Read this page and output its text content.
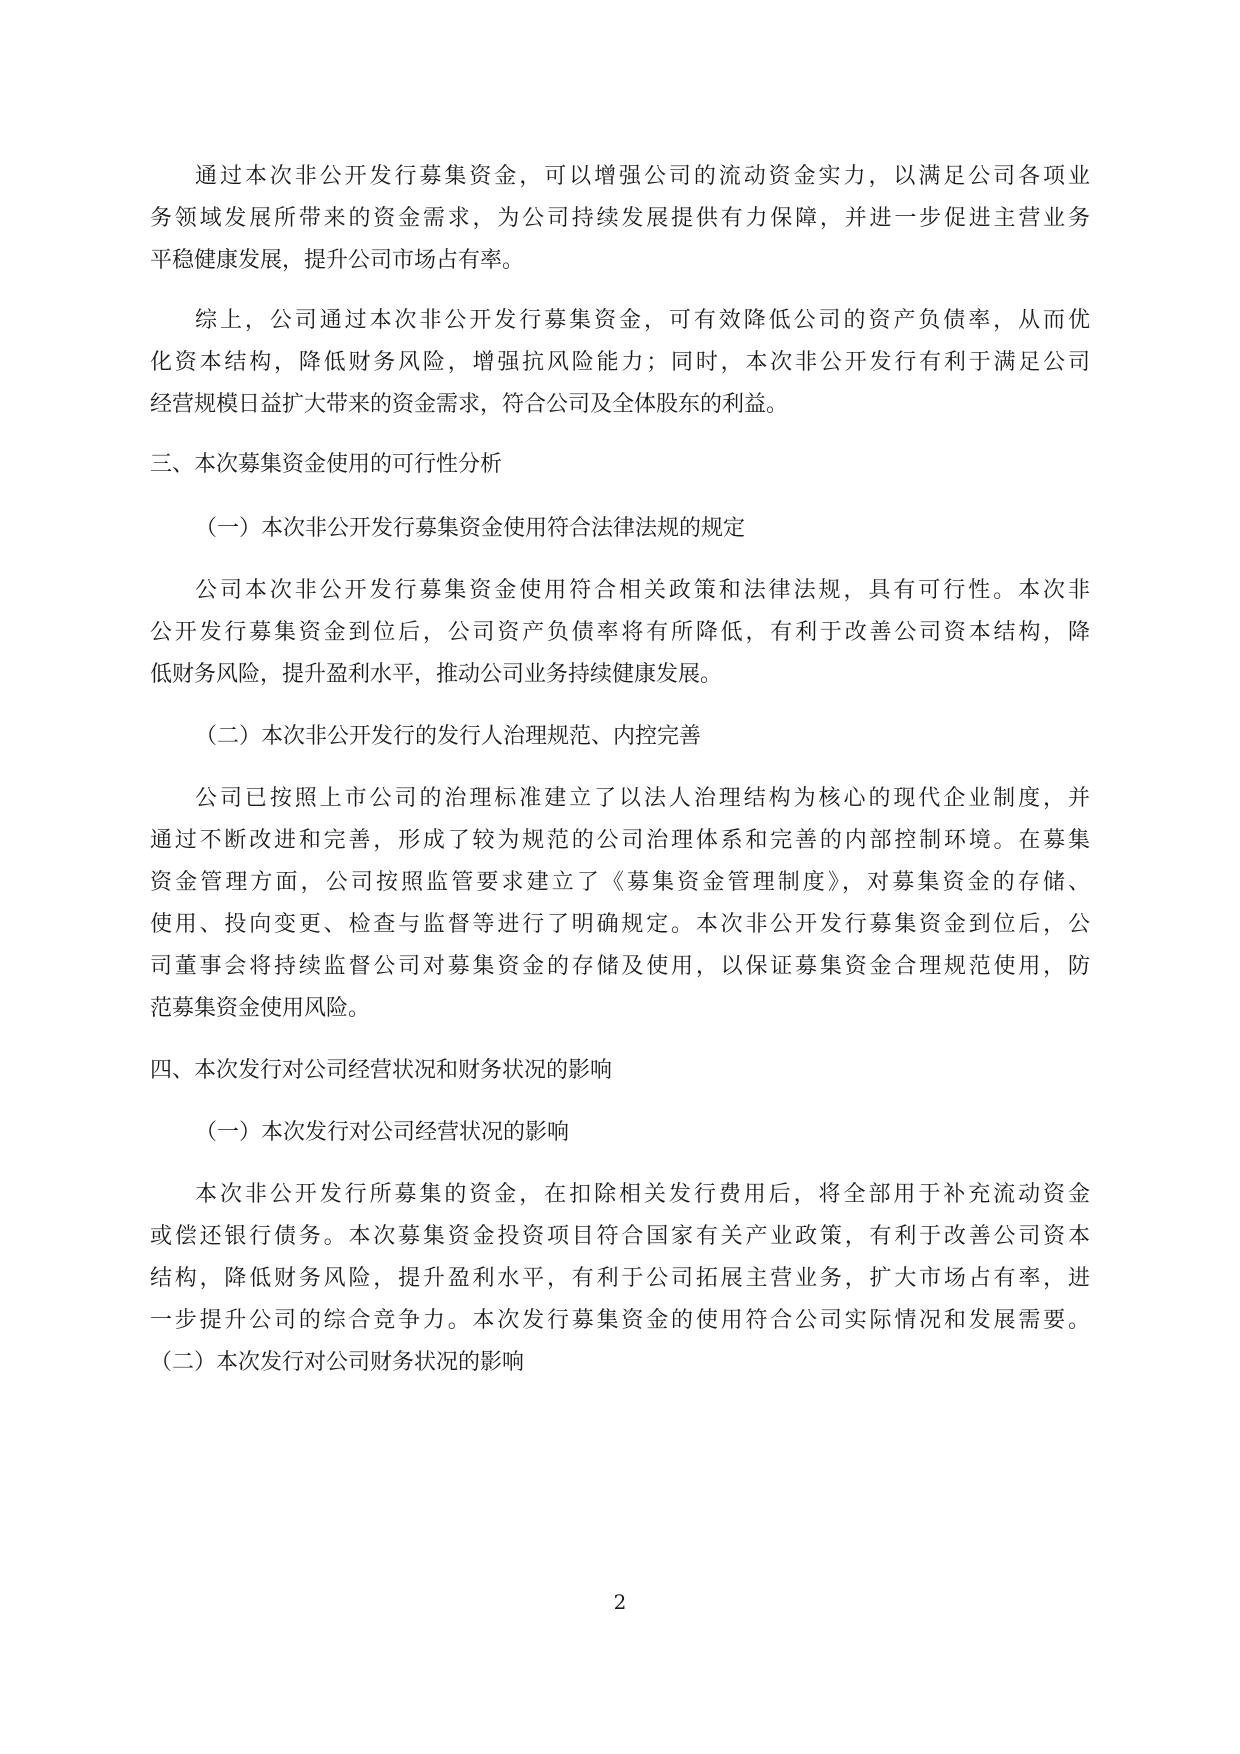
通过本次非公开发行募集资金，可以增强公司的流动资金实力，以满足公司各项业
务领域发展所带来的资金需求，为公司持续发展提供有力保障，并进一步促进主营业务
平稳健康发展，提升公司市场占有率。
综上，公司通过本次非公开发行募集资金，可有效降低公司的资产负债率，从而优
化资本结构，降低财务风险，增强抗风险能力；同时，本次非公开发行有利于满足公司
经营规模日益扩大带来的资金需求，符合公司及全体股东的利益。
三、本次募集资金使用的可行性分析
（一）本次非公开发行募集资金使用符合法律法规的规定
公司本次非公开发行募集资金使用符合相关政策和法律法规，具有可行性。本次非
公开发行募集资金到位后，公司资产负债率将有所降低，有利于改善公司资本结构，降
低财务风险，提升盈利水平，推动公司业务持续健康发展。
（二）本次非公开发行的发行人治理规范、内控完善
公司已按照上市公司的治理标准建立了以法人治理结构为核心的现代企业制度，并
通过不断改进和完善，形成了较为规范的公司治理体系和完善的内部控制环境。在募集
资金管理方面，公司按照监管要求建立了《募集资金管理制度》，对募集资金的存储、
使用、投向变更、检查与监督等进行了明确规定。本次非公开发行募集资金到位后，公
司董事会将持续监督公司对募集资金的存储及使用，以保证募集资金合理规范使用，防
范募集资金使用风险。
四、本次发行对公司经营状况和财务状况的影响
（一）本次发行对公司经营状况的影响
本次非公开发行所募集的资金，在扣除相关发行费用后，将全部用于补充流动资金
或偿还银行债务。本次募集资金投资项目符合国家有关产业政策，有利于改善公司资本
结构，降低财务风险，提升盈利水平，有利于公司拓展主营业务，扩大市场占有率，进
一步提升公司的综合竞争力。本次发行募集资金的使用符合公司实际情况和发展需要。
（二）本次发行对公司财务状况的影响
2
